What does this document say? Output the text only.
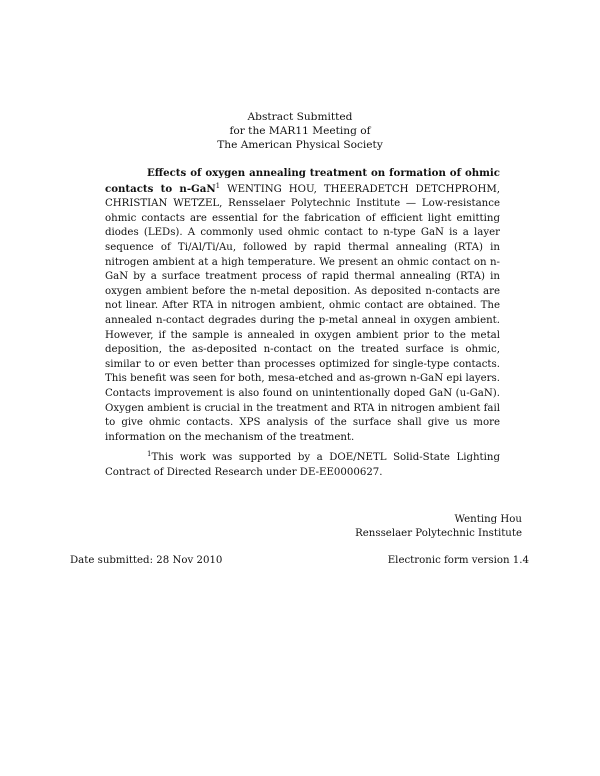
Abstract Submitted
for the MAR11 Meeting of
The American Physical Society
Effects of oxygen annealing treatment on formation of ohmic contacts to n-GaN$^1$ WENTING HOU, THEERADETCH DETCHPROHM, CHRISTIAN WETZEL, Rensselaer Polytechnic Institute — Low-resistance ohmic contacts are essential for the fabrication of efficient light emitting diodes (LEDs). A commonly used ohmic contact to n-type GaN is a layer sequence of Ti/Al/Ti/Au, followed by rapid thermal annealing (RTA) in nitrogen ambient at a high temperature. We present an ohmic contact on n-GaN by a surface treatment process of rapid thermal annealing (RTA) in oxygen ambient before the n-metal deposition. As deposited n-contacts are not linear. After RTA in nitrogen ambient, ohmic contact are obtained. The annealed n-contact degrades during the p-metal anneal in oxygen ambient. However, if the sample is annealed in oxygen ambient prior to the metal deposition, the as-deposited n-contact on the treated surface is ohmic, similar to or even better than processes optimized for single-type contacts. This benefit was seen for both, mesa-etched and as-grown n-GaN epi layers. Contacts improvement is also found on unintentionally doped GaN (u-GaN). Oxygen ambient is crucial in the treatment and RTA in nitrogen ambient fail to give ohmic contacts. XPS analysis of the surface shall give us more information on the mechanism of the treatment.
$^1$This work was supported by a DOE/NETL Solid-State Lighting Contract of Directed Research under DE-EE0000627.
Wenting Hou
Rensselaer Polytechnic Institute
Date submitted: 28 Nov 2010	Electronic form version 1.4
